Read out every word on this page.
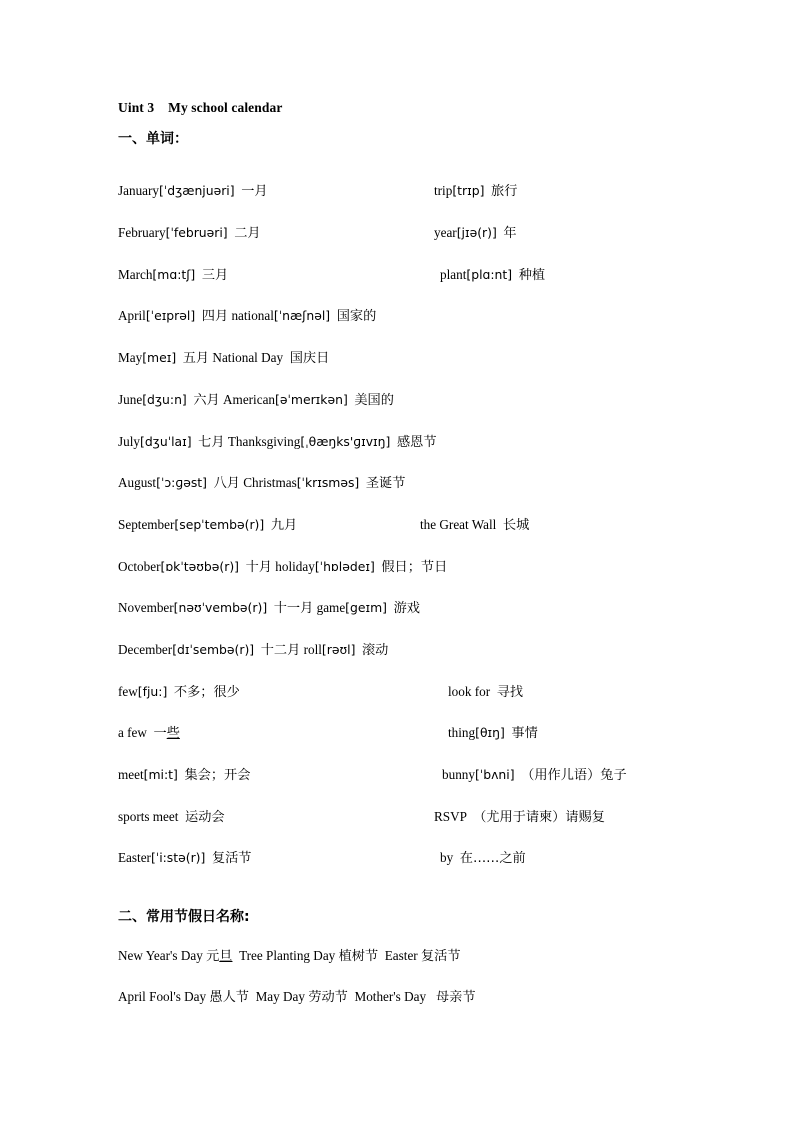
Uint 3    My school calendar
一、单词：
January[ˈdʒænjuəri] 一月	trip[trɪp] 旅行
February[ˈfebruəri] 二月	year[jɪə(r)] 年
March[mɑ:tʃ] 三月	plant[plɑ:nt] 种植
April[ˈeɪprəl] 四月 national[ˈnæʃnəl] 国家的
May[meɪ] 五月 National Day 国庆日
June[dʒu:n] 六月 American[əˈmerɪkən] 美国的
July[dʒuˈlaɪ] 七月 Thanksgiving[ˌθæŋks'ɡɪvɪŋ] 感恩节
August[ˈɔ:ɡəst] 八月 Christmas[ˈkrɪsməs] 圣诞节
September[sepˈtembə(r)] 九月	the Great Wall 长城
October[ɒkˈtəʊbə(r)] 十月 holiday[ˈhɒlədeɪ] 假日；节日
November[nəʊˈvembə(r)] 十一月 game[geɪm] 游戏
December[dɪˈsembə(r)] 十二月 roll[rəʊl] 滚动
few[fju:] 不多；很少	look for 寻找
a few 一些	thing[θɪŋ] 事情
meet[mi:t] 集会；开会	bunny[ˈbʌni] （用作儿语）兔子
sports meet 运动会	RSVP （尤用于请柬）请赐复
Easter[ˈi:stə(r)] 复活节	by 在……之前
二、常用节假日名称:
New Year's Day 元旦  Tree Planting Day 植树节  Easter 复活节
April Fool's Day 愚人节  May Day 劳动节  Mother's Day   母亲节
